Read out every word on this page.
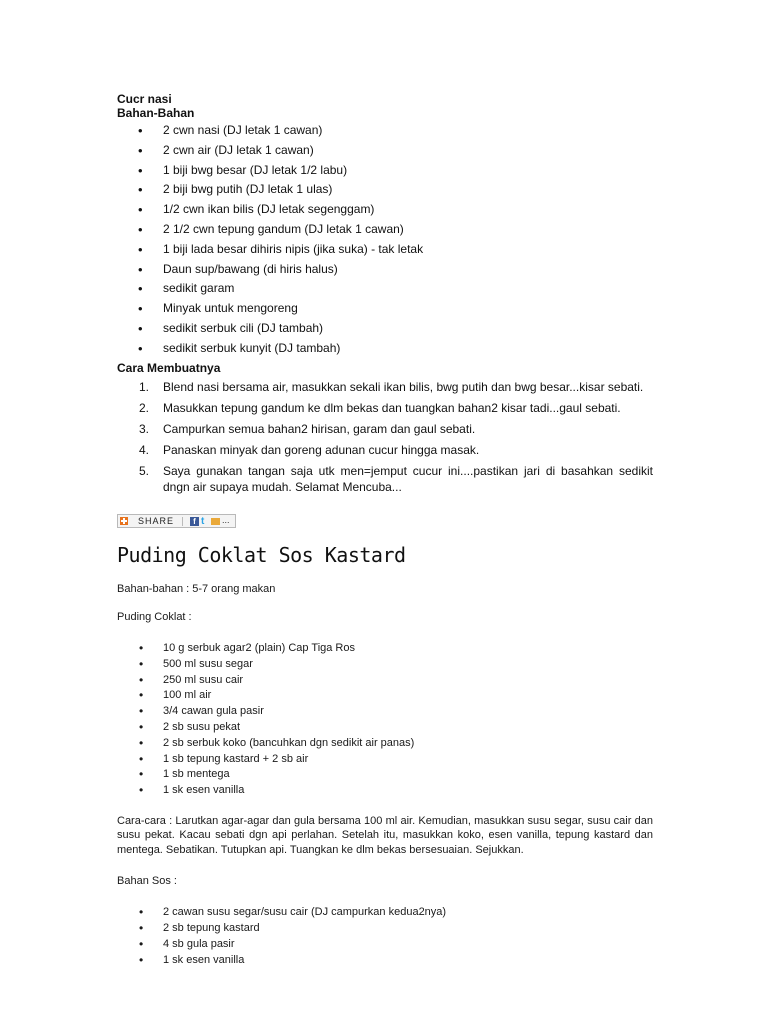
Cucr nasi

Bahan-Bahan

• 2 cwn nasi (DJ letak 1 cawan)
• 2 cwn air (DJ letak 1 cawan)
• 1 biji bwg besar (DJ letak 1/2 labu)
• 2 biji bwg putih (DJ letak 1 ulas)
• 1/2 cwn ikan bilis (DJ letak segenggam)
• 2 1/2 cwn tepung gandum (DJ letak 1 cawan)
• 1 biji lada besar dihiris nipis (jika suka) - tak letak
• Daun sup/bawang (di hiris halus)
• sedikit garam
• Minyak untuk mengoreng
• sedikit serbuk cili (DJ tambah)
• sedikit serbuk kunyit (DJ tambah)

Cara Membuatnya

1. Blend nasi bersama air, masukkan sekali ikan bilis, bwg putih dan bwg besar...kisar sebati.
2. Masukkan tepung gandum ke dlm bekas dan tuangkan bahan2 kisar tadi...gaul sebati.
3. Campurkan semua bahan2 hirisan, garam dan gaul sebati.
4. Panaskan minyak dan goreng adunan cucur hingga masak.
5. Saya gunakan tangan saja utk men=jemput cucur ini....pastikan jari di basahkan sedikit dngn air supaya mudah. Selamat Mencuba...
SHARE	f t ...
Puding Coklat Sos Kastard

Bahan-bahan : 5-7 orang makan

Puding Coklat :

• 10 g serbuk agar2 (plain) Cap Tiga Ros
• 500 ml susu segar
• 250 ml susu cair
• 100 ml air
• 3/4 cawan gula pasir
• 2 sb susu pekat
• 2 sb serbuk koko (bancuhkan dgn sedikit air panas)
• 1 sb tepung kastard + 2 sb air
• 1 sb mentega
• 1 sk esen vanilla

Cara-cara : Larutkan agar-agar dan gula bersama 100 ml air. Kemudian, masukkan susu segar, susu cair dan susu pekat. Kacau sebati dgn api perlahan. Setelah itu, masukkan koko, esen vanilla, tepung kastard dan mentega. Sebatikan. Tutupkan api. Tuangkan ke dlm bekas bersesuaian. Sejukkan.

Bahan Sos :

• 2 cawan susu segar/susu cair (DJ campurkan kedua2nya)
• 2 sb tepung kastard
• 4 sb gula pasir
• 1 sk esen vanilla
